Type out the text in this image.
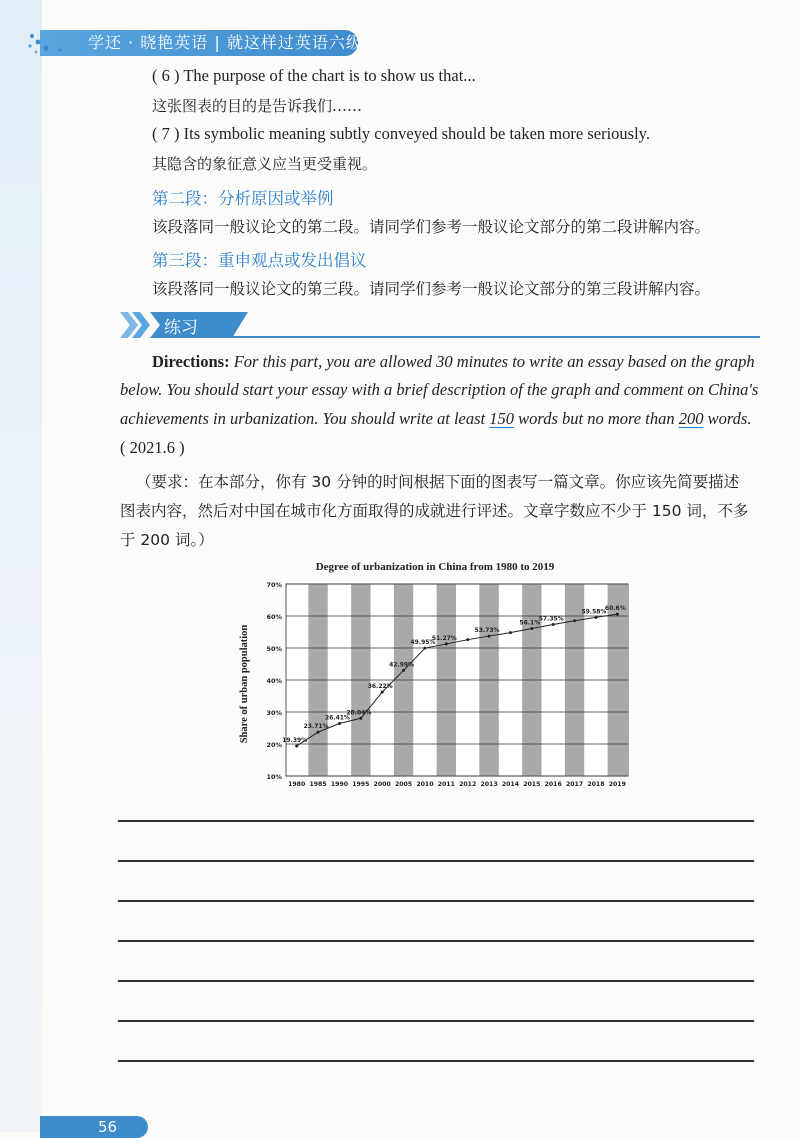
学还 · 晓艳英语 | 就这样过英语六级
( 6 ) The purpose of the chart is to show us that...
这张图表的目的是告诉我们……
( 7 ) Its symbolic meaning subtly conveyed should be taken more seriously.
其隐含的象征意义应当更受重视。
第二段：分析原因或举例
该段落同一般议论文的第二段。请同学们参考一般议论文部分的第二段讲解内容。
第三段：重申观点或发出倡议
该段落同一般议论文的第三段。请同学们参考一般议论文部分的第三段讲解内容。
练习
Directions: For this part, you are allowed 30 minutes to write an essay based on the graph
below. You should start your essay with a brief description of the graph and comment on China's
achievements in urbanization. You should write at least 150 words but no more than 200 words.
( 2021.6 )
（要求：在本部分，你有 30 分钟的时间根据下面的图表写一篇文章。你应该先简要描述
图表内容，然后对中国在城市化方面取得的成就进行评述。文章字数应不少于 150 词，不多
于 200 词。）
Degree of urbanization in China from 1980 to 2019
Share of urban population
10%
20%
30%
40%
50%
60%
70%
1980 1985 1990 1995 2000 2005 2010 2011 2012 2013 2014 2015 2016 2017 2018 2019
19.39%
23.71%
26.41%
28.04%
36.22%
42.99%
49.95%
51.27%
53.73%
56.1%
57.35%
59.58%
60.6%
56
